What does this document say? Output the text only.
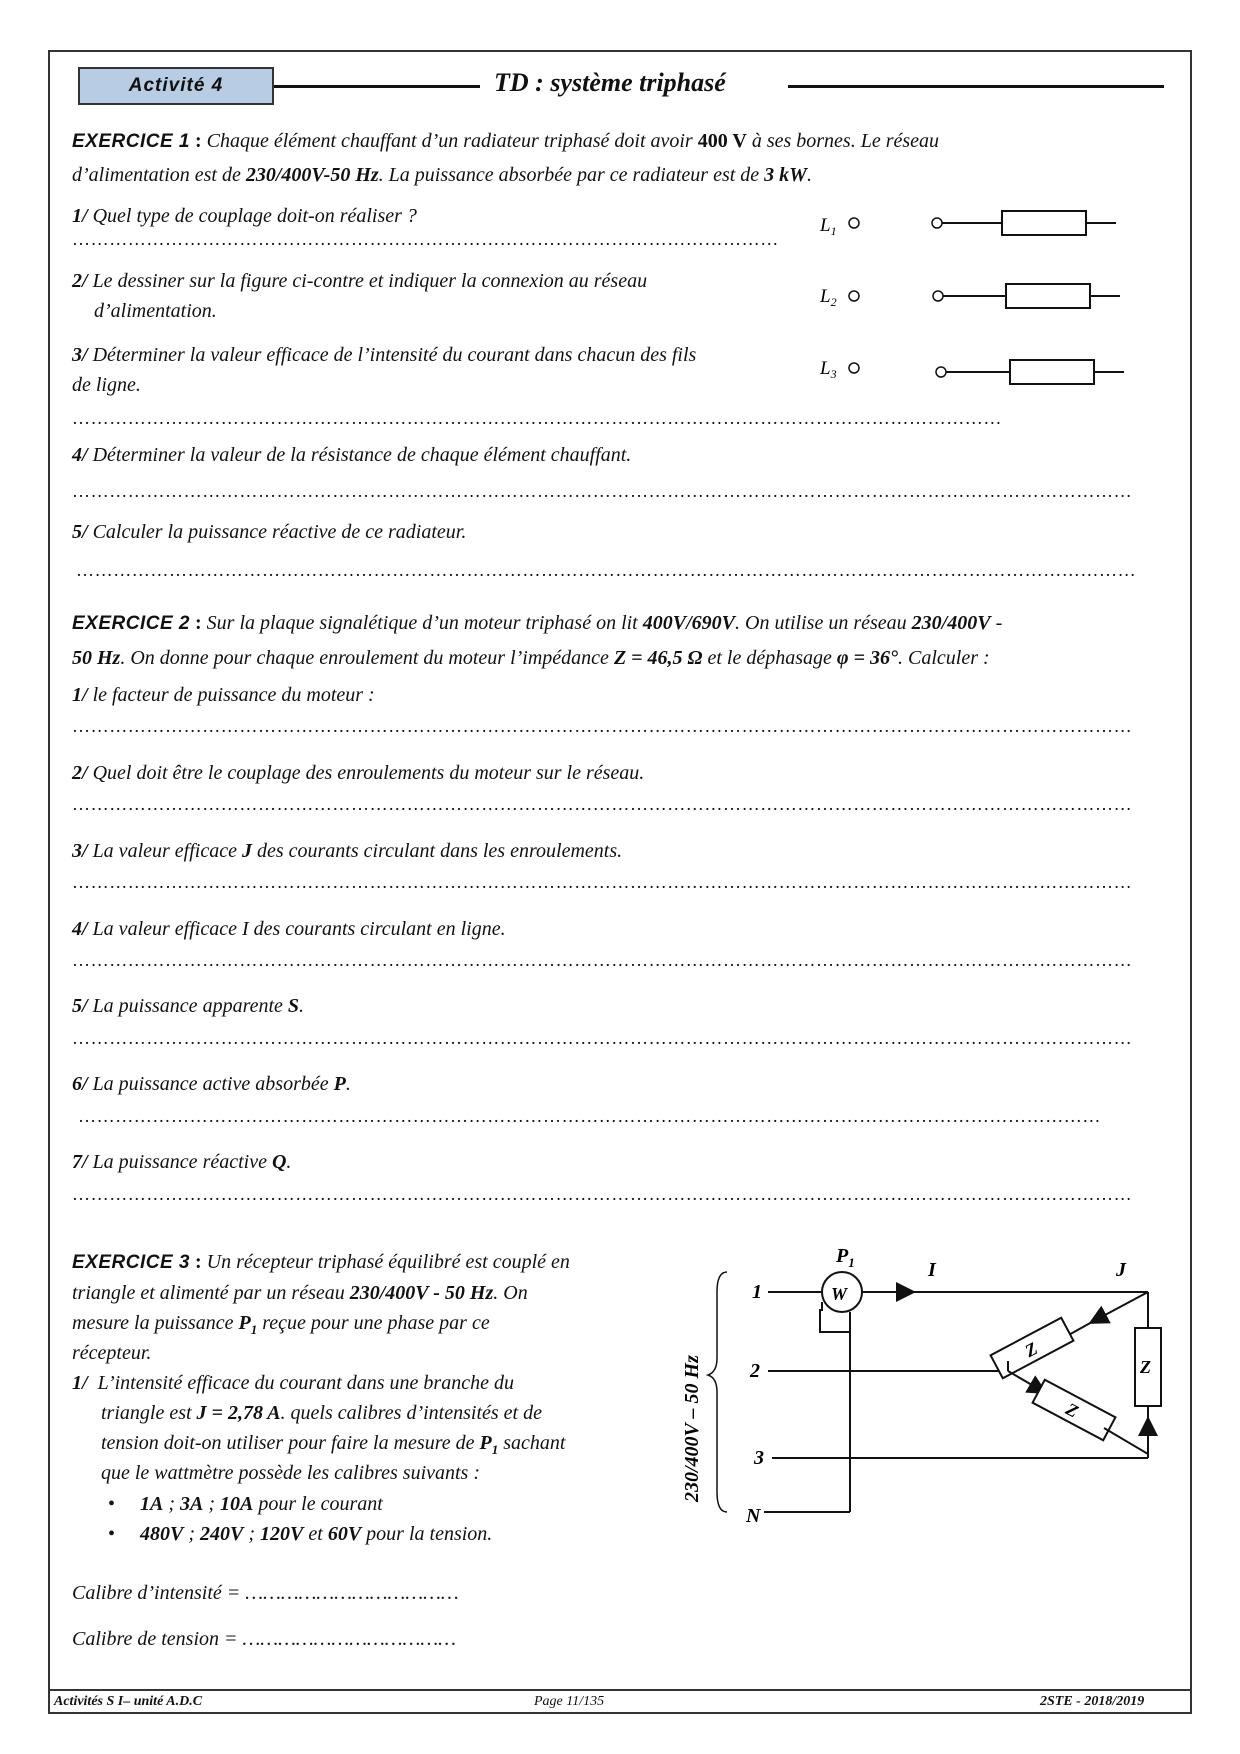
Activité 4	TD : système triphasé
EXERCICE 1 : Chaque élément chauffant d’un radiateur triphasé doit avoir 400 V à ses bornes. Le réseau
d’alimentation est de 230/400V-50 Hz. La puissance absorbée par ce radiateur est de 3 kW.
1/ Quel type de couplage doit-on réaliser ?
……………………………………………………………………………………………………
2/ Le dessiner sur la figure ci-contre et indiquer la connexion au réseau
d’alimentation.
3/ Déterminer la valeur efficace de l’intensité du courant dans chacun des fils
de ligne.
……………………………………………………………………………………………………………………………………
4/ Déterminer la valeur de la résistance de chaque élément chauffant.
………………………………………………………………………………………………………………………………………………………
5/ Calculer la puissance réactive de ce radiateur.
………………………………………………………………………………………………………………………………………………………
$L_1$
$L_2$
$L_3$
EXERCICE 2 : Sur la plaque signalétique d’un moteur triphasé on lit 400V/690V. On utilise un réseau 230/400V -
50 Hz. On donne pour chaque enroulement du moteur l’impédance Z = 46,5 Ω et le déphasage φ = 36°. Calculer :
1/ le facteur de puissance du moteur :
………………………………………………………………………………………………………………………………………………………
2/ Quel doit être le couplage des enroulements du moteur sur le réseau.
………………………………………………………………………………………………………………………………………………………
3/ La valeur efficace J des courants circulant dans les enroulements.
………………………………………………………………………………………………………………………………………………………
4/ La valeur efficace I des courants circulant en ligne.
………………………………………………………………………………………………………………………………………………………
5/ La puissance apparente S.
………………………………………………………………………………………………………………………………………………………
6/ La puissance active absorbée P.
…………………………………………………………………………………………………………………………………………………
7/ La puissance réactive Q.
………………………………………………………………………………………………………………………………………………………
EXERCICE 3 : Un récepteur triphasé équilibré est couplé en
triangle et alimenté par un réseau 230/400V - 50 Hz. On
mesure la puissance $P_1$ reçue pour une phase par ce
récepteur.
1/ L’intensité efficace du courant dans une branche du
triangle est J = 2,78 A. quels calibres d’intensités et de
tension doit-on utiliser pour faire la mesure de $P_1$ sachant
que le wattmètre possède les calibres suivants :
• 1A ; 3A ; 10A pour le courant
• 480V ; 240V ; 120V et 60V pour la tension.
Calibre d’intensité = ………………………………
Calibre de tension = ………………………………
230/400V – 50 Hz
1
2
3
N
W
$P_1$	I	J
Z
Z
Z
Activités S I– unité A.D.C	Page 11/135	2STE - 2018/2019
